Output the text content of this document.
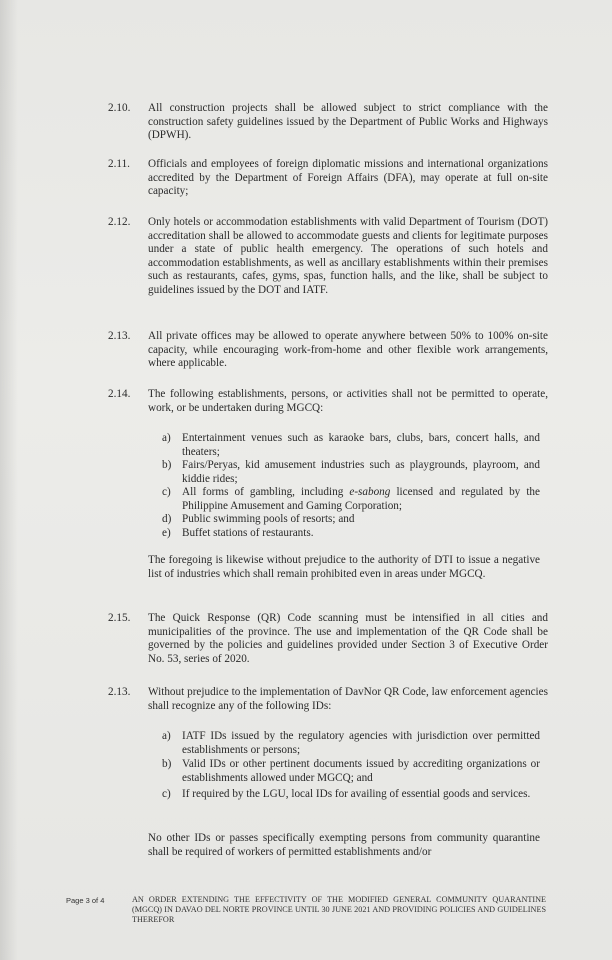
2.10.	All construction projects shall be allowed subject to strict compliance with the construction safety guidelines issued by the Department of Public Works and Highways (DPWH).
2.11.	Officials and employees of foreign diplomatic missions and international organizations accredited by the Department of Foreign Affairs (DFA), may operate at full on-site capacity;
2.12.	Only hotels or accommodation establishments with valid Department of Tourism (DOT) accreditation shall be allowed to accommodate guests and clients for legitimate purposes under a state of public health emergency. The operations of such hotels and accommodation establishments, as well as ancillary establishments within their premises such as restaurants, cafes, gyms, spas, function halls, and the like, shall be subject to guidelines issued by the DOT and IATF.
2.13.	All private offices may be allowed to operate anywhere between 50% to 100% on-site capacity, while encouraging work-from-home and other flexible work arrangements, where applicable.
2.14.	The following establishments, persons, or activities shall not be permitted to operate, work, or be undertaken during MGCQ:
a)	Entertainment venues such as karaoke bars, clubs, bars, concert halls, and theaters;
b) Fairs/Peryas, kid amusement industries such as playgrounds, playroom, and kiddie rides;
c)	All forms of gambling, including e-sabong licensed and regulated by the Philippine Amusement and Gaming Corporation;
d) Public swimming pools of resorts; and
e)	Buffet stations of restaurants.
The foregoing is likewise without prejudice to the authority of DTI to issue a negative list of industries which shall remain prohibited even in areas under MGCQ.
2.15.	The Quick Response (QR) Code scanning must be intensified in all cities and municipalities of the province. The use and implementation of the QR Code shall be governed by the policies and guidelines provided under Section 3 of Executive Order No. 53, series of 2020.
2.13.	Without prejudice to the implementation of DavNor QR Code, law enforcement agencies shall recognize any of the following IDs:
a)	IATF IDs issued by the regulatory agencies with jurisdiction over permitted establishments or persons;
b) Valid IDs or other pertinent documents issued by accrediting organizations or establishments allowed under MGCQ; and
c)	If required by the LGU, local IDs for availing of essential goods and services.
No other IDs or passes specifically exempting persons from community quarantine shall be required of workers of permitted establishments and/or
Page 3 of 4	AN ORDER EXTENDING THE EFFECTIVITY OF THE MODIFIED GENERAL COMMUNITY QUARANTINE (MGCQ) IN DAVAO DEL NORTE PROVINCE UNTIL 30 JUNE 2021 AND PROVIDING POLICIES AND GUIDELINES THEREFOR
